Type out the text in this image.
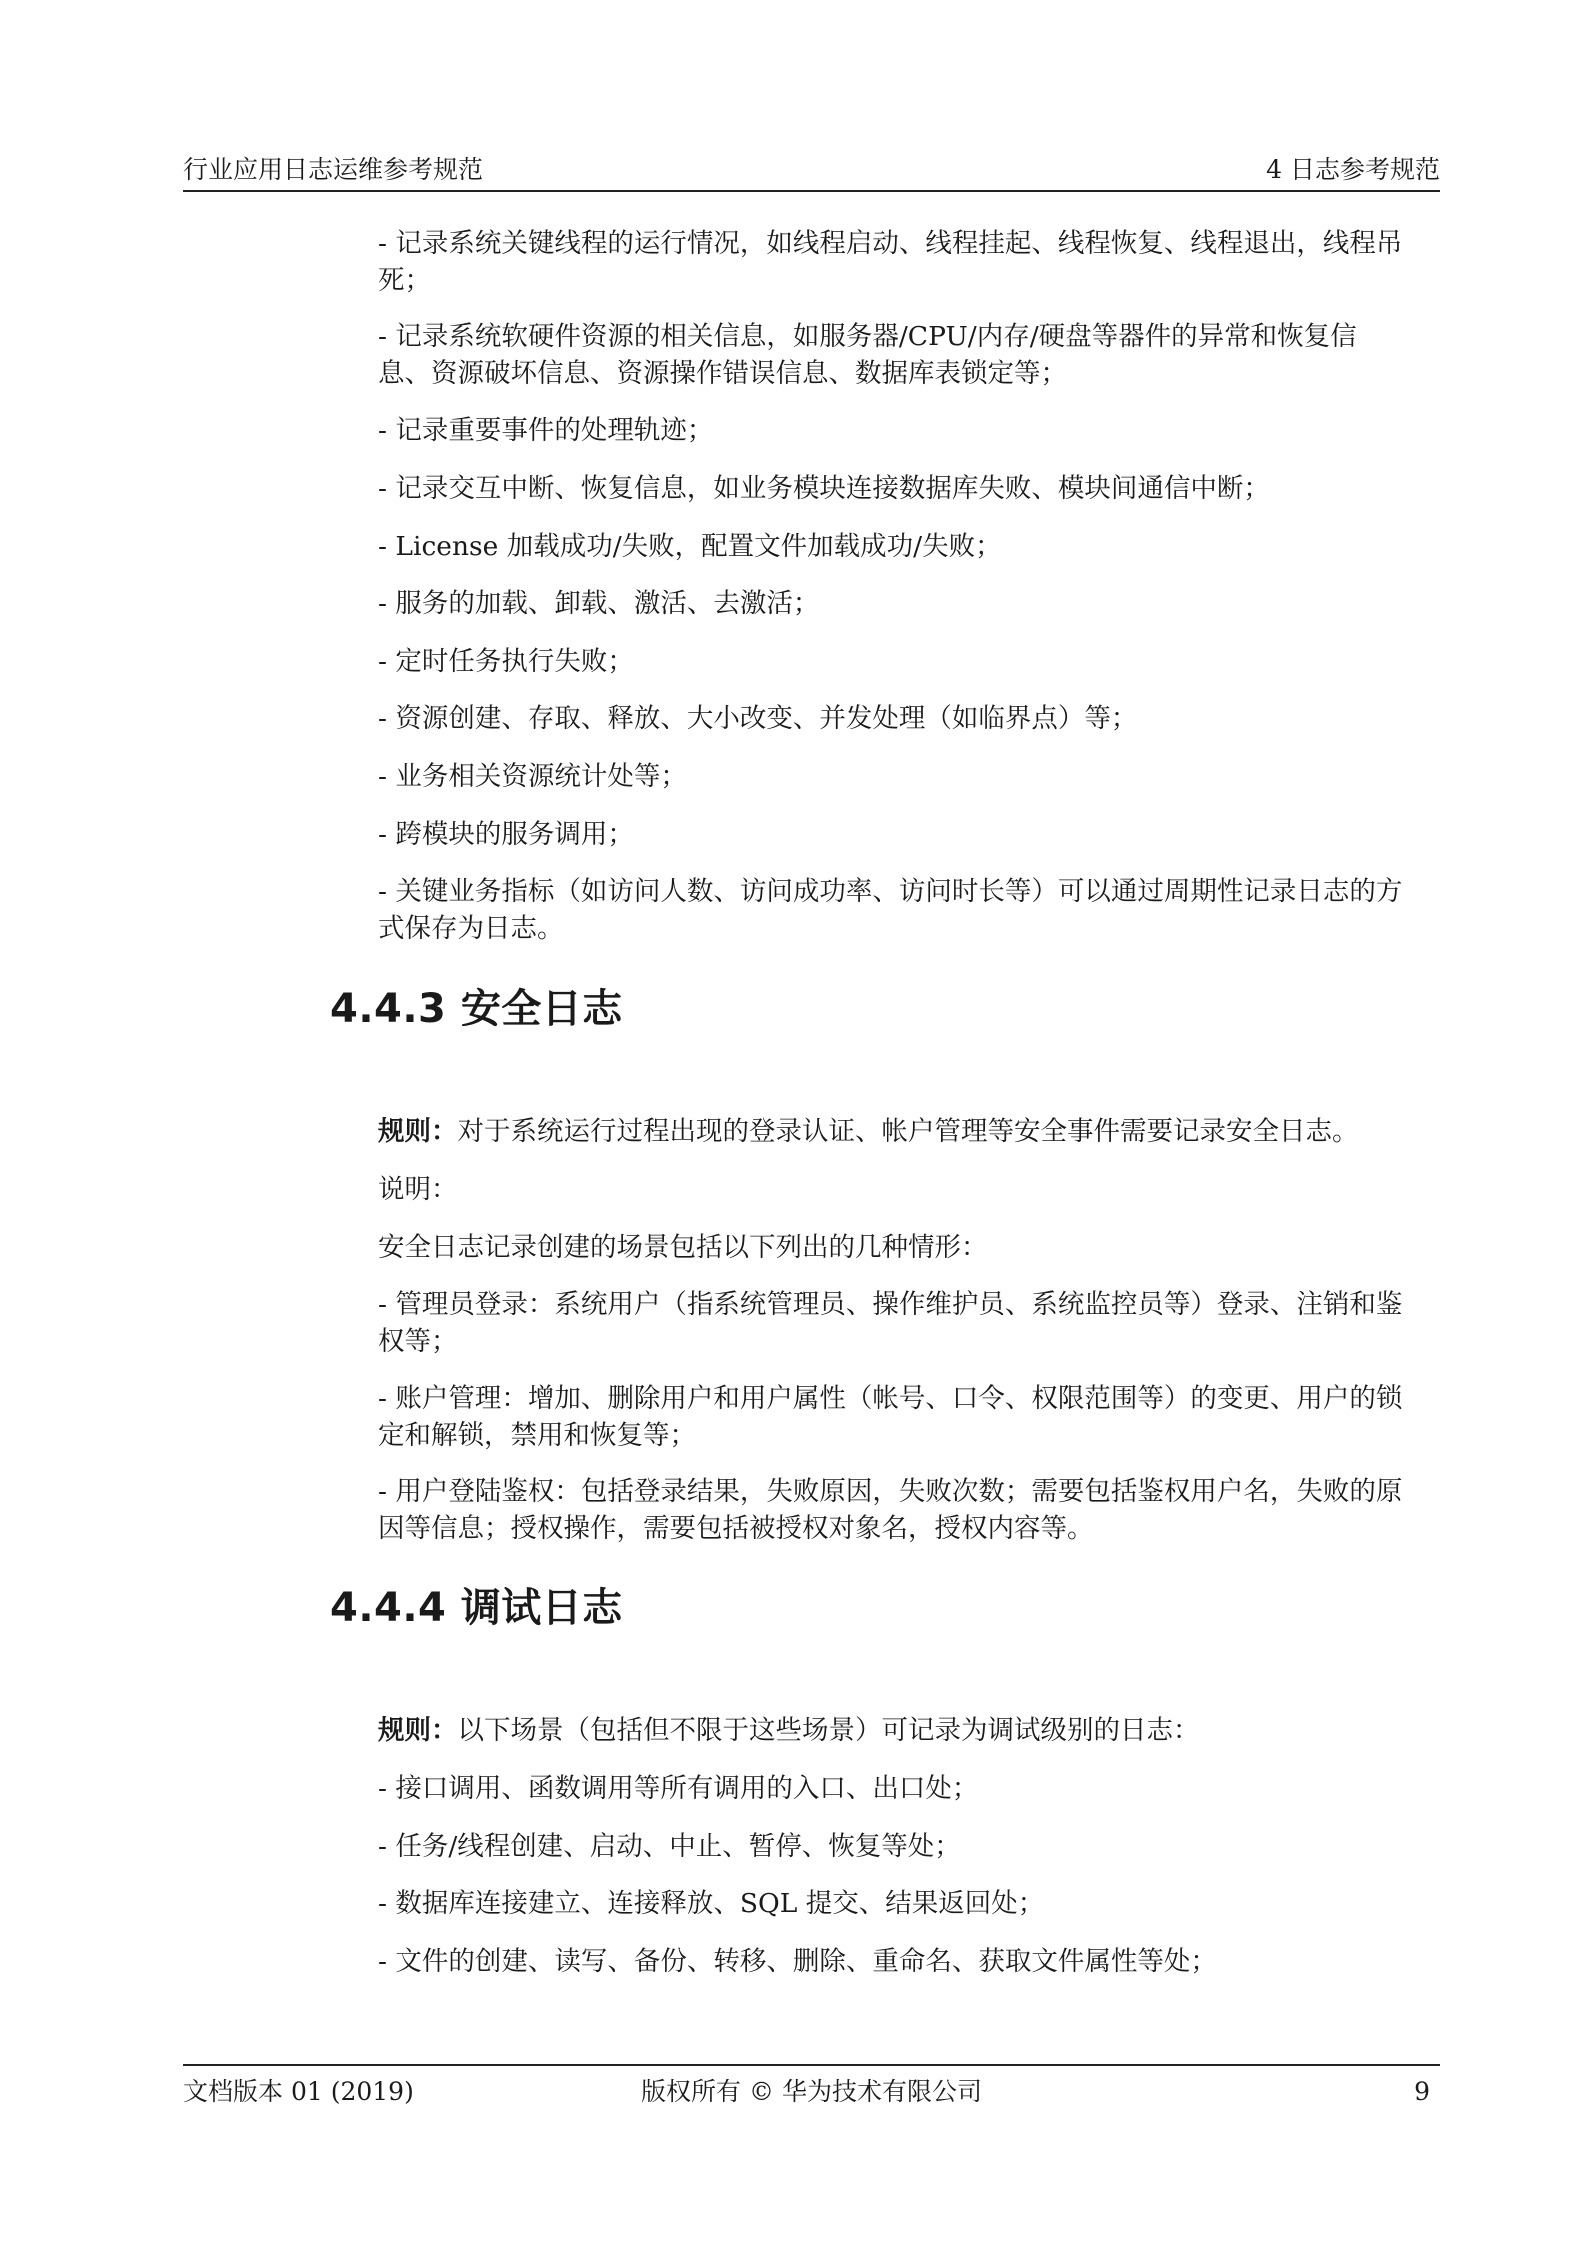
行业应用日志运维参考规范	4 日志参考规范

- 记录系统关键线程的运行情况，如线程启动、线程挂起、线程恢复、线程退出，线程吊死；

- 记录系统软硬件资源的相关信息，如服务器/CPU/内存/硬盘等器件的异常和恢复信息、资源破坏信息、资源操作错误信息、数据库表锁定等；

- 记录重要事件的处理轨迹；

- 记录交互中断、恢复信息，如业务模块连接数据库失败、模块间通信中断；

- License 加载成功/失败，配置文件加载成功/失败；

- 服务的加载、卸载、激活、去激活；

- 定时任务执行失败；

- 资源创建、存取、释放、大小改变、并发处理（如临界点）等；

- 业务相关资源统计处等；

- 跨模块的服务调用；

- 关键业务指标（如访问人数、访问成功率、访问时长等）可以通过周期性记录日志的方式保存为日志。

4.4.3 安全日志

规则：对于系统运行过程出现的登录认证、帐户管理等安全事件需要记录安全日志。

说明：

安全日志记录创建的场景包括以下列出的几种情形：

- 管理员登录：系统用户（指系统管理员、操作维护员、系统监控员等）登录、注销和鉴权等；

- 账户管理：增加、删除用户和用户属性（帐号、口令、权限范围等）的变更、用户的锁定和解锁，禁用和恢复等；

- 用户登陆鉴权：包括登录结果，失败原因，失败次数；需要包括鉴权用户名，失败的原因等信息；授权操作，需要包括被授权对象名，授权内容等。

4.4.4 调试日志

规则：以下场景（包括但不限于这些场景）可记录为调试级别的日志：

- 接口调用、函数调用等所有调用的入口、出口处；

- 任务/线程创建、启动、中止、暂停、恢复等处；

- 数据库连接建立、连接释放、SQL 提交、结果返回处；

- 文件的创建、读写、备份、转移、删除、重命名、获取文件属性等处；

文档版本 01 (2019)	版权所有 © 华为技术有限公司	9
